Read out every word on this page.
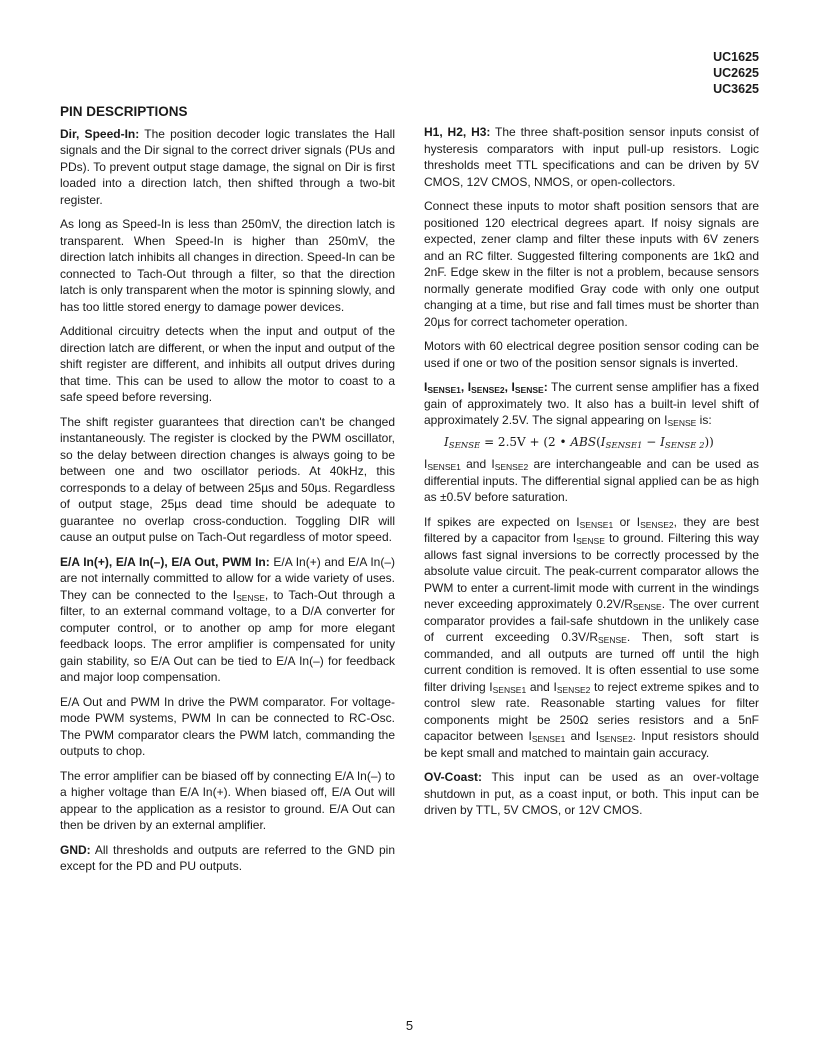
UC1625
UC2625
UC3625
PIN DESCRIPTIONS

Dir, Speed-In: The position decoder logic translates the Hall signals and the Dir signal to the correct driver signals (PUs and PDs). To prevent output stage damage, the signal on Dir is first loaded into a direction latch, then shifted through a two-bit register.

As long as Speed-In is less than 250mV, the direction latch is transparent. When Speed-In is higher than 250mV, the direction latch inhibits all changes in direction. Speed-In can be connected to Tach-Out through a filter, so that the direction latch is only transparent when the motor is spinning slowly, and has too little stored energy to damage power devices.

Additional circuitry detects when the input and output of the direction latch are different, or when the input and output of the shift register are different, and inhibits all output drives during that time. This can be used to allow the motor to coast to a safe speed before reversing.

The shift register guarantees that direction can't be changed instantaneously. The register is clocked by the PWM oscillator, so the delay between direction changes is always going to be between one and two oscillator periods. At 40kHz, this corresponds to a delay of between 25µs and 50µs. Regardless of output stage, 25µs dead time should be adequate to guarantee no overlap cross-conduction. Toggling DIR will cause an output pulse on Tach-Out regardless of motor speed.

E/A In(+), E/A In(–), E/A Out, PWM In: E/A In(+) and E/A In(–) are not internally committed to allow for a wide variety of uses. They can be connected to the $I_{SENSE}$, to Tach-Out through a filter, to an external command voltage, to a D/A converter for computer control, or to another op amp for more elegant feedback loops. The error amplifier is compensated for unity gain stability, so E/A Out can be tied to E/A In(–) for feedback and major loop compensation.

E/A Out and PWM In drive the PWM comparator. For voltage-mode PWM systems, PWM In can be connected to RC-Osc. The PWM comparator clears the PWM latch, commanding the outputs to chop.

The error amplifier can be biased off by connecting E/A In(–) to a higher voltage than E/A In(+). When biased off, E/A Out will appear to the application as a resistor to ground. E/A Out can then be driven by an external amplifier.

GND: All thresholds and outputs are referred to the GND pin except for the PD and PU outputs.

H1, H2, H3: The three shaft-position sensor inputs consist of hysteresis comparators with input pull-up resistors. Logic thresholds meet TTL specifications and can be driven by 5V CMOS, 12V CMOS, NMOS, or open-collectors.

Connect these inputs to motor shaft position sensors that are positioned 120 electrical degrees apart. If noisy signals are expected, zener clamp and filter these inputs with 6V zeners and an RC filter. Suggested filtering components are 1kΩ and 2nF. Edge skew in the filter is not a problem, because sensors normally generate modified Gray code with only one output changing at a time, but rise and fall times must be shorter than 20µs for correct tachometer operation.

Motors with 60 electrical degree position sensor coding can be used if one or two of the position sensor signals is inverted.

$I_{SENSE1}$, $I_{SENSE2}$, $I_{SENSE}$: The current sense amplifier has a fixed gain of approximately two. It also has a built-in level shift of approximately 2.5V. The signal appearing on $I_{SENSE}$ is:

$I_{SENSE} = 2.5V + (2$ • $ABS(I_{SENSE1} - I_{SENSE 2})$)

$I_{SENSE1}$ and $I_{SENSE2}$ are interchangeable and can be used as differential inputs. The differential signal applied can be as high as ±0.5V before saturation.

If spikes are expected on $I_{SENSE1}$ or $I_{SENSE2}$, they are best filtered by a capacitor from $I_{SENSE}$ to ground. Filtering this way allows fast signal inversions to be correctly processed by the absolute value circuit. The peak-current comparator allows the PWM to enter a current-limit mode with current in the windings never exceeding approximately $0.2V/R_{SENSE}$. The over current comparator provides a fail-safe shutdown in the unlikely case of current exceeding $0.3V/R_{SENSE}$. Then, soft start is commanded, and all outputs are turned off until the high current condition is removed. It is often essential to use some filter driving $I_{SENSE1}$ and $I_{SENSE2}$ to reject extreme spikes and to control slew rate. Reasonable starting values for filter components might be 250Ω series resistors and a 5nF capacitor between $I_{SENSE1}$ and $I_{SENSE2}$. Input resistors should be kept small and matched to maintain gain accuracy.

OV-Coast: This input can be used as an over-voltage shutdown in put, as a coast input, or both. This input can be driven by TTL, 5V CMOS, or 12V CMOS.

5
